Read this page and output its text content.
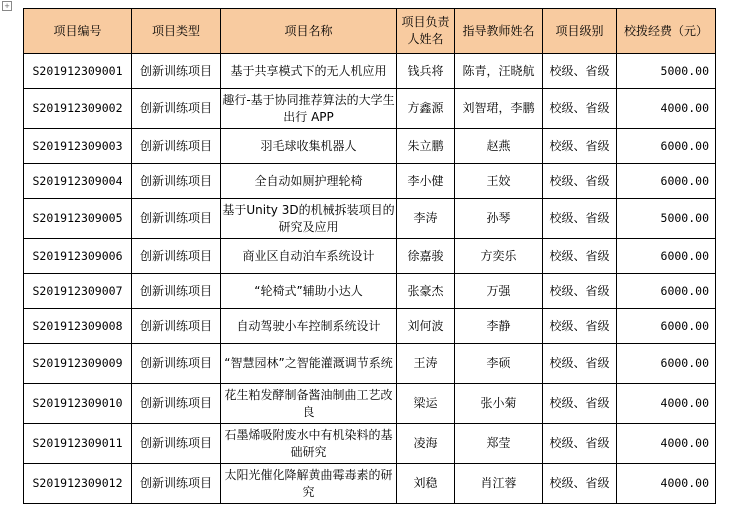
+
项目编号	项目类型	项目名称	项目负责人姓名	指导教师姓名	项目级别	校拨经费（元）
S201912309001	创新训练项目	基于共享模式下的无人机应用	钱兵将	陈青，汪晓航	校级、省级	5000.00
S201912309002	创新训练项目	趣行-基于协同推荐算法的大学生出行 APP	方鑫源	刘智珺，李鹏	校级、省级	4000.00
S201912309003	创新训练项目	羽毛球收集机器人	朱立鹏	赵燕	校级、省级	6000.00
S201912309004	创新训练项目	全自动如厕护理轮椅	李小健	王姣	校级、省级	6000.00
S201912309005	创新训练项目	基于Unity 3D的机械拆装项目的研究及应用	李涛	孙琴	校级、省级	5000.00
S201912309006	创新训练项目	商业区自动泊车系统设计	徐嘉骏	方奕乐	校级、省级	6000.00
S201912309007	创新训练项目	“轮椅式”辅助小达人	张豪杰	万强	校级、省级	6000.00
S201912309008	创新训练项目	自动驾驶小车控制系统设计	刘何波	李静	校级、省级	6000.00
S201912309009	创新训练项目	“智慧园林”之智能灌溉调节系统	王涛	李硕	校级、省级	6000.00
S201912309010	创新训练项目	花生粕发酵制备酱油制曲工艺改良	梁运	张小菊	校级、省级	4000.00
S201912309011	创新训练项目	石墨烯吸附废水中有机染料的基础研究	凌海	郑莹	校级、省级	4000.00
S201912309012	创新训练项目	太阳光催化降解黄曲霉毒素的研究	刘稳	肖江蓉	校级、省级	4000.00
